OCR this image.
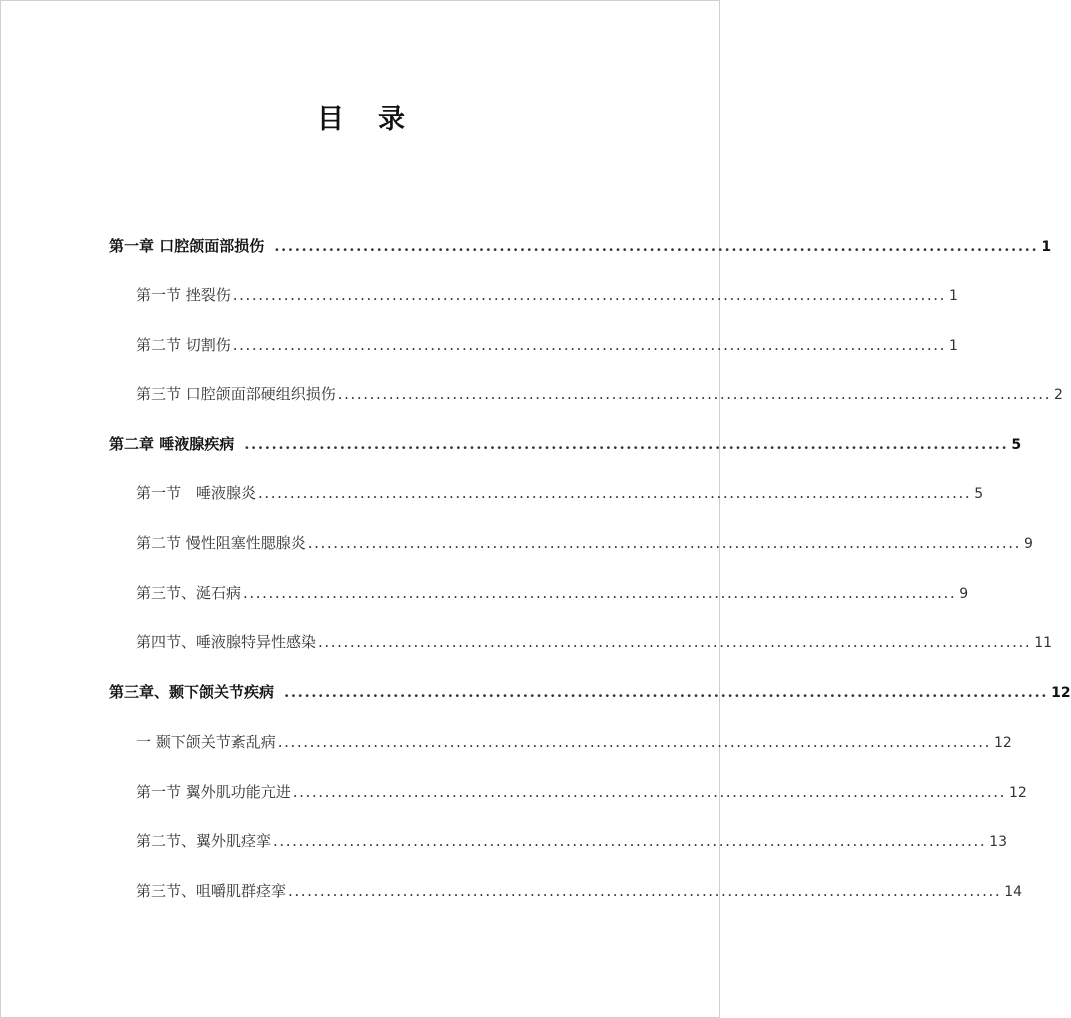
目录
第一章 口腔颌面部损伤 ................................................................................................................ 1
第一节 挫裂伤 ................................................................................................................ 1
第二节 切割伤 ................................................................................................................ 1
第三节 口腔颌面部硬组织损伤 ................................................................................................................ 2
第二章 唾液腺疾病 ................................................................................................................ 5
第一节　唾液腺炎 ................................................................................................................ 5
第二节 慢性阻塞性腮腺炎 ................................................................................................................ 9
第三节、涎石病 ................................................................................................................ 9
第四节、唾液腺特异性感染 ................................................................................................................ 11
第三章、颞下颌关节疾病 ................................................................................................................ 12
一 颞下颌关节紊乱病 ................................................................................................................ 12
第一节 翼外肌功能亢进 ................................................................................................................ 12
第二节、翼外肌痉挛 ................................................................................................................ 13
第三节、咀嚼肌群痉挛 ................................................................................................................ 14
